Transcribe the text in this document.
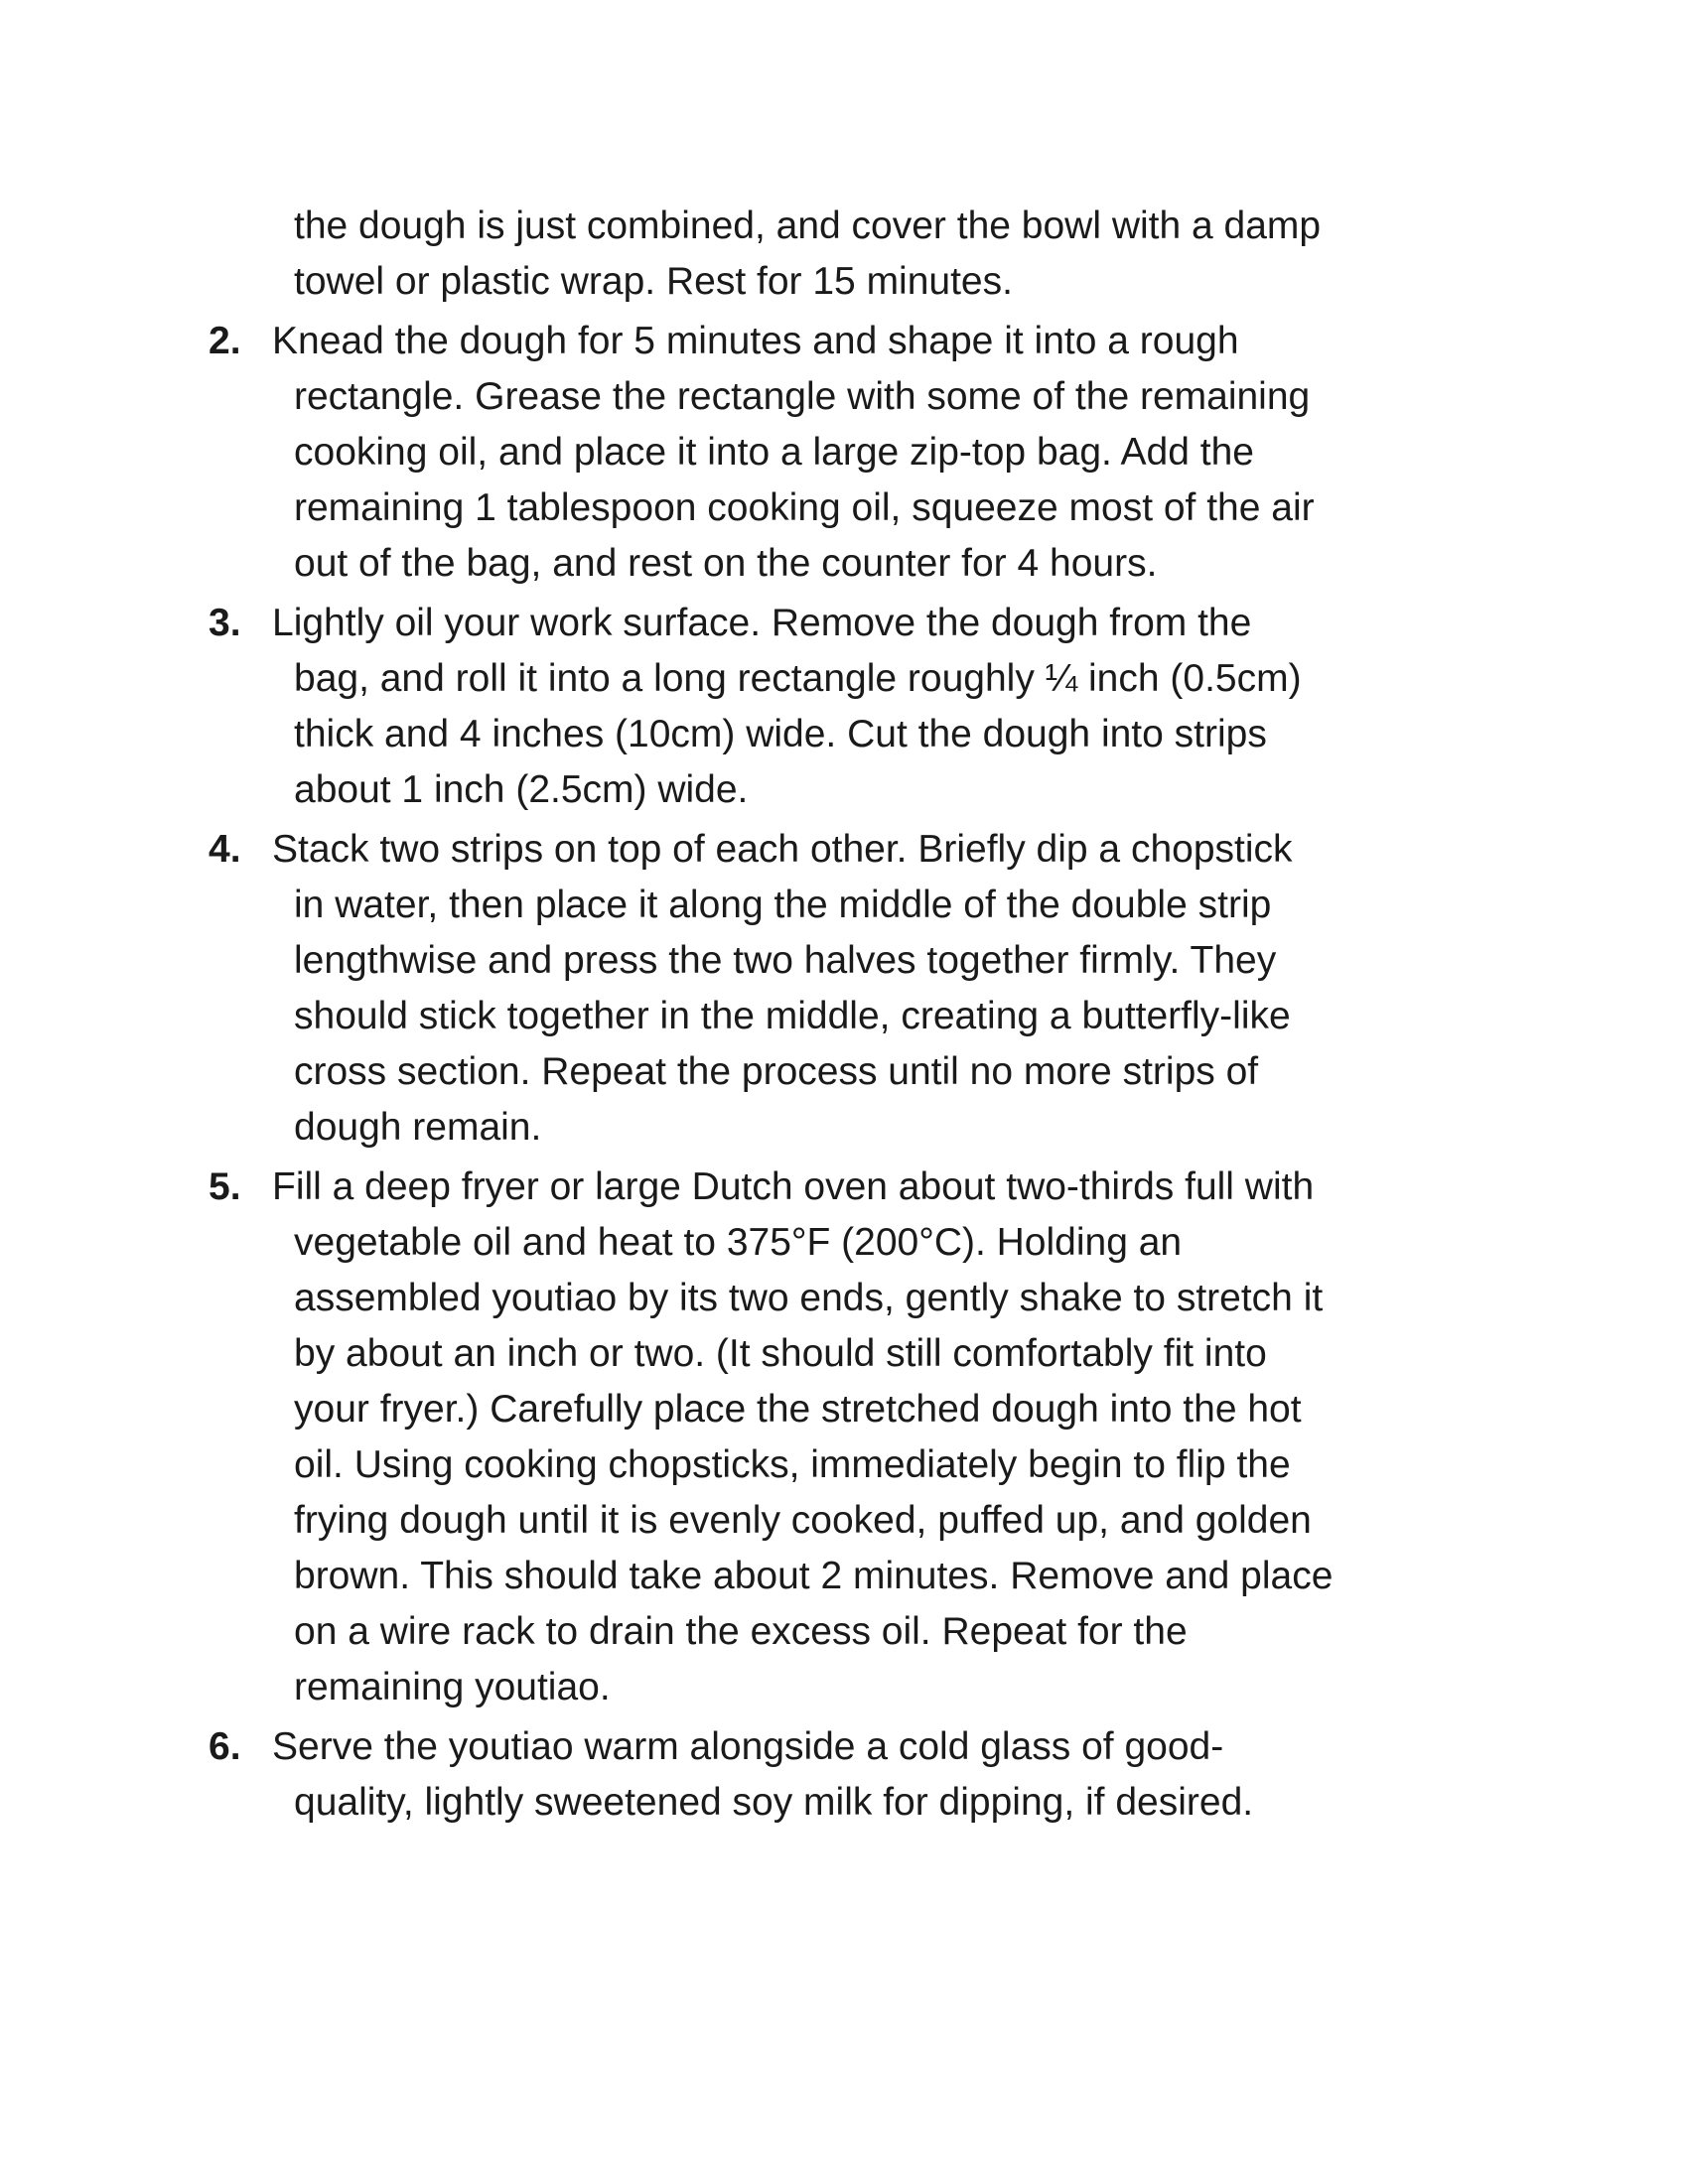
the dough is just combined, and cover the bowl with a damp
towel or plastic wrap. Rest for 15 minutes.
2. Knead the dough for 5 minutes and shape it into a rough
rectangle. Grease the rectangle with some of the remaining
cooking oil, and place it into a large zip-top bag. Add the
remaining 1 tablespoon cooking oil, squeeze most of the air
out of the bag, and rest on the counter for 4 hours.
3. Lightly oil your work surface. Remove the dough from the
bag, and roll it into a long rectangle roughly ¼ inch (0.5cm)
thick and 4 inches (10cm) wide. Cut the dough into strips
about 1 inch (2.5cm) wide.
4. Stack two strips on top of each other. Briefly dip a chopstick
in water, then place it along the middle of the double strip
lengthwise and press the two halves together firmly. They
should stick together in the middle, creating a butterfly-like
cross section. Repeat the process until no more strips of
dough remain.
5. Fill a deep fryer or large Dutch oven about two-thirds full with
vegetable oil and heat to 375°F (200°C). Holding an
assembled youtiao by its two ends, gently shake to stretch it
by about an inch or two. (It should still comfortably fit into
your fryer.) Carefully place the stretched dough into the hot
oil. Using cooking chopsticks, immediately begin to flip the
frying dough until it is evenly cooked, puffed up, and golden
brown. This should take about 2 minutes. Remove and place
on a wire rack to drain the excess oil. Repeat for the
remaining youtiao.
6. Serve the youtiao warm alongside a cold glass of good-
quality, lightly sweetened soy milk for dipping, if desired.
